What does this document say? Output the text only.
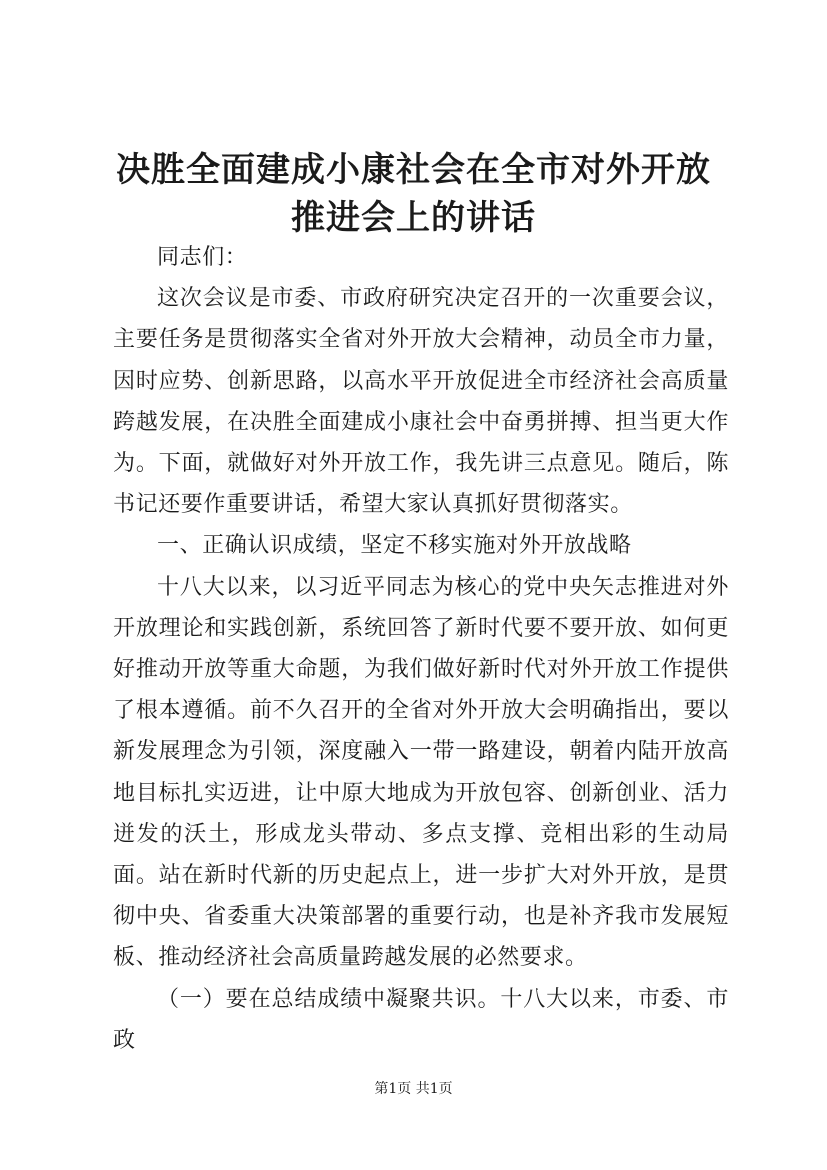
决胜全面建成小康社会在全市对外开放推进会上的讲话

同志们：

这次会议是市委、市政府研究决定召开的一次重要会议，主要任务是贯彻落实全省对外开放大会精神，动员全市力量，因时应势、创新思路，以高水平开放促进全市经济社会高质量跨越发展，在决胜全面建成小康社会中奋勇拼搏、担当更大作为。下面，就做好对外开放工作，我先讲三点意见。随后，陈书记还要作重要讲话，希望大家认真抓好贯彻落实。

一、正确认识成绩，坚定不移实施对外开放战略

十八大以来，以习近平同志为核心的党中央矢志推进对外开放理论和实践创新，系统回答了新时代要不要开放、如何更好推动开放等重大命题，为我们做好新时代对外开放工作提供了根本遵循。前不久召开的全省对外开放大会明确指出，要以新发展理念为引领，深度融入一带一路建设，朝着内陆开放高地目标扎实迈进，让中原大地成为开放包容、创新创业、活力迸发的沃土，形成龙头带动、多点支撑、竞相出彩的生动局面。站在新时代新的历史起点上，进一步扩大对外开放，是贯彻中央、省委重大决策部署的重要行动，也是补齐我市发展短板、推动经济社会高质量跨越发展的必然要求。

（一）要在总结成绩中凝聚共识。十八大以来，市委、市政

第1页 共1页
